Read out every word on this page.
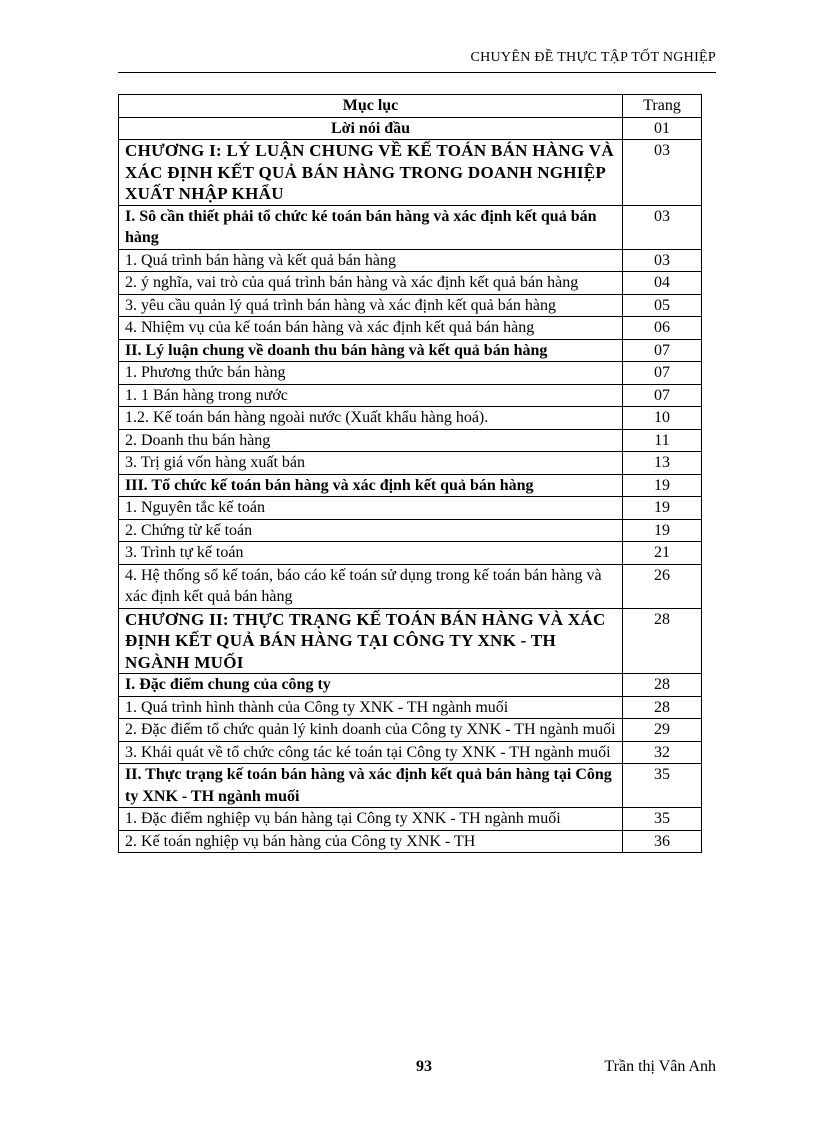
CHUYÊN ĐỀ THỰC TẬP TỐT NGHIỆP
Mục lục	Trang
Lời nói đầu	01
CHƯƠNG I: LÝ LUẬN CHUNG VỀ KẾ TOÁN BÁN HÀNG VÀ XÁC ĐỊNH KẾT QUẢ BÁN HÀNG TRONG DOANH NGHIỆP XUẤT NHẬP KHẨU	03
I. Sô cần thiết phải tổ chức ké toán bán hàng và xác định kết quả bán hàng	03
1. Quá trình bán hàng và kết quả bán hàng	03
2. ý nghĩa, vai trò của quá trình bán hàng và xác định kết quả bán hàng	04
3. yêu cầu quản lý quá trình bán hàng và xác định kết quả bán hàng	05
4. Nhiệm vụ của kế toán bán hàng và xác định kết quả bán hàng	06
II. Lý luận chung về doanh thu bán hàng và kết quả bán hàng	07
1. Phương thức bán hàng	07
1. 1 Bán hàng trong nước	07
1.2. Kế toán bán hàng ngoài nước (Xuất khẩu hàng hoá).	10
2. Doanh thu bán hàng	11
3. Trị giá vốn hàng xuất bán	13
III. Tổ chức kế toán bán hàng và xác định kết quả bán hàng	19
1. Nguyên tắc kế toán	19
2. Chứng từ kế toán	19
3. Trình tự kế toán	21
4. Hệ thống sổ kế toán, báo cáo kế toán sử dụng trong kế toán bán hàng và xác định kết quả bán hàng	26
CHƯƠNG II: THỰC TRẠNG KẾ TOÁN BÁN HÀNG VÀ XÁC ĐỊNH KẾT QUẢ BÁN HÀNG TẠI CÔNG TY XNK - TH NGÀNH MUỐI	28
I. Đặc điểm chung của công ty	28
1. Quá trình hình thành của Công ty XNK - TH ngành muối	28
2. Đặc điểm tổ chức quản lý kinh doanh của Công ty XNK - TH ngành muối	29
3. Khái quát về tổ chức công tác ké toán tại Công ty XNK - TH ngành muối	32
II. Thực trạng kế toán bán hàng và xác định kết quả bán hàng tại Công ty XNK - TH ngành muối	35
1. Đặc điểm nghiệp vụ bán hàng tại Công ty XNK - TH ngành muối	35
2. Kế toán nghiệp vụ bán hàng của Công ty XNK - TH	36
93	Trần thị Vân Anh
